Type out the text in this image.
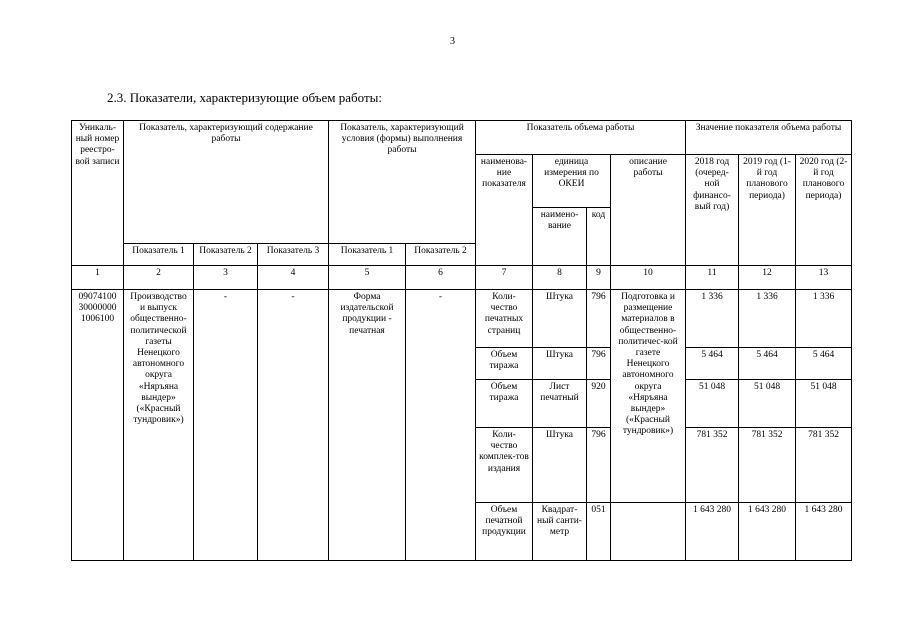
3
2.3. Показатели, характеризующие объем работы:
Уникаль-ный номер реестро-вой записи	Показатель, характеризующий содержание работы			Показатель, характеризующий условия (формы) выполнения работы		Показатель объема работы				Значение показателя объема работы		
						наименова-ние показателя	единица измерения по ОКЕИ		описание работы	2018 год (очеред-ной финансо-вый год)	2019 год (1-й год планового периода)	2020 год (2-й год планового периода)
							наимено-вание	код				
	Показатель 1	Показатель 2	Показатель 3	Показатель 1	Показатель 2							
1	2	3	4	5	6	7	8	9	10	11	12	13
09074100 30000000 1006100	Производство и выпуск общественно-политической газеты Ненецкого автономного округа «Няръяна вындер» («Красный тундровик»)	-	-	Форма издательской продукции - печатная	-	Коли-чество печатных страниц	Штука	796	Подготовка и размещение материалов в общественно-политичес-кой газете Ненецкого автономного округа «Няръяна вындер» («Красный тундровик»)	1 336	1 336	1 336
						Объем тиража	Штука	796		5 464	5 464	5 464
						Объем тиража	Лист печатный	920		51 048	51 048	51 048
						Коли-чество комплек-тов издания	Штука	796		781 352	781 352	781 352
						Объем печатной продукции	Квадрат-ный санти-метр	051		1 643 280	1 643 280	1 643 280
